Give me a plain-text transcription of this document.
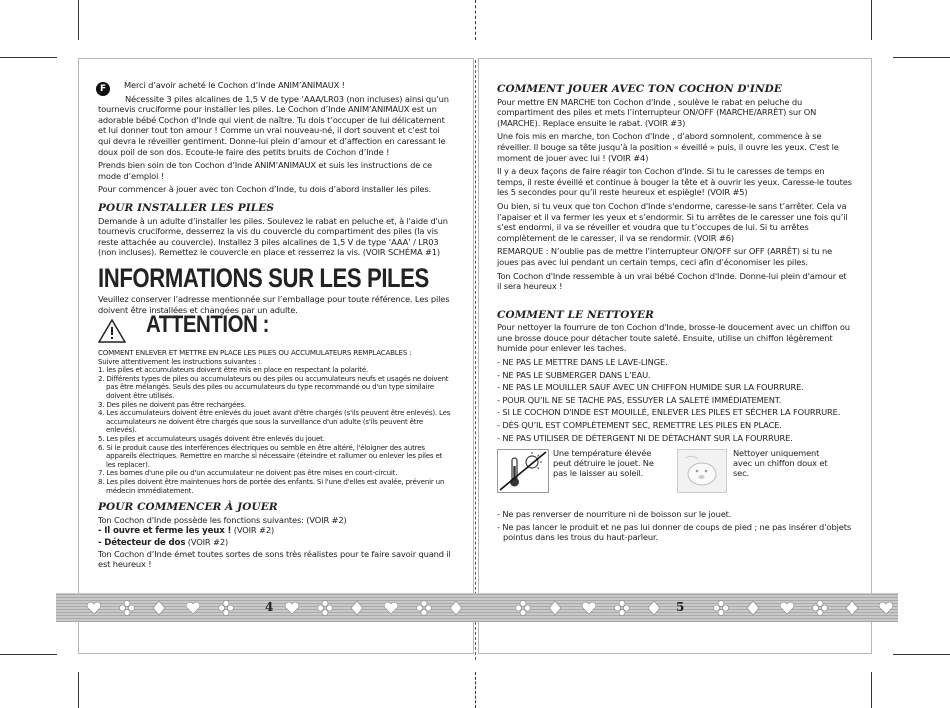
F	Merci d’avoir acheté le Cochon d’Inde ANIM’ANIMAUX !

Nécessite 3 piles alcalines de 1,5 V de type ‘AAA/LR03 (non incluses) ainsi qu’un tournevis cruciforme pour installer les piles. Le Cochon d’Inde ANIM’ANIMAUX est un adorable bébé Cochon d’Inde qui vient de naître. Tu dois t’occuper de lui délicatement et lui donner tout ton amour ! Comme un vrai nouveau-né, il dort souvent et c’est toi qui devra le réveiller gentiment. Donne-lui plein d’amour et d’affection en caressant le doux poil de son dos. Ecoute-le faire des petits bruits de Cochon d’Inde !

Prends bien soin de ton Cochon d’Inde ANIM’ANIMAUX et suis les instructions de ce mode d’emploi !

Pour commencer à jouer avec ton Cochon d’Inde, tu dois d’abord installer les piles.

POUR INSTALLER LES PILES

Demande à un adulte d’installer les piles. Soulevez le rabat en peluche et, à l'aide d'un tournevis cruciforme, desserrez la vis du couvercle du compartiment des piles (la vis reste attachée au couvercle). Installez 3 piles alcalines de 1,5 V de type ‘AAA’ / LR03 (non incluses). Remettez le couvercle en place et resserrez la vis. (VOIR SCHÉMA #1)

INFORMATIONS SUR LES PILES

Veuillez conserver l’adresse mentionnée sur l’emballage pour toute référence. Les piles doivent être installées et changées par un adulte.

ATTENTION :
COMMENT ENLEVER ET METTRE EN PLACE LES PILES OU ACCUMULATEURS REMPLACABLES :
Suivre attentivement les instructions suivantes :
1. les piles et accumulateurs doivent être mis en place en respectant la polarité.
2. Différents types de piles ou accumulateurs ou des piles ou accumulateurs neufs et usagés ne doivent pas être mélangés. Seuls des piles ou accumulateurs du type recommandé ou d'un type similaire doivent être utilisés.
3. Des piles ne doivent pas être rechargées.
4. Les accumulateurs doivent être enlevés du jouet avant d'être chargés (s'ils peuvent être enlevés). Les accumulateurs ne doivent être chargés que sous la surveillance d'un adulte (s'ils peuvent être enlevés).
5. Les piles et accumulateurs usagés doivent être enlevés du jouet.
6. Si le produit cause des interférences électriques ou semble en être altéré, l'éloigner des autres appareils électriques. Remettre en marche si nécessaire (éteindre et rallumer ou enlever les piles et les replacer).
7. Les bornes d'une pile ou d'un accumulateur ne doivent pas être mises en court-circuit.
8. Les piles doivent être maintenues hors de portée des enfants. Si l'une d'elles est avalée, prévenir un médecin immédiatement.
POUR COMMENCER À JOUER
Ton Cochon d'Inde possède les fonctions suivantes: (VOIR #2)
- Il ouvre et ferme les yeux ! (VOIR #2)
- Détecteur de dos (VOIR #2)
Ton Cochon d’Inde émet toutes sortes de sons très réalistes pour te faire savoir quand il est heureux !
COMMENT JOUER AVEC TON COCHON D'INDE

Pour mettre EN MARCHE ton Cochon d'Inde , soulève le rabat en peluche du compartiment des piles et mets l’interrupteur ON/OFF (MARCHE/ARRÊT) sur ON (MARCHE). Replace ensuite le rabat. (VOIR #3)

Une fois mis en marche, ton Cochon d'Inde , d’abord somnolent, commence à se réveiller. Il bouge sa tête jusqu’à la position « éveillé » puis, il ouvre les yeux. C'est le moment de jouer avec lui ! (VOIR #4)

Il y a deux façons de faire réagir ton Cochon d'Inde. Si tu le caresses de temps en temps, il reste éveillé et continue à bouger la tête et à ouvrir les yeux. Caresse-le toutes les 5 secondes pour qu’il reste heureux et espiègle! (VOIR #5)

Ou bien, si tu veux que ton Cochon d'Inde s'endorme, caresse-le sans t’arrêter. Cela va l’apaiser et il va fermer les yeux et s’endormir. Si tu arrêtes de le caresser une fois qu’il s’est endormi, il va se réveiller et voudra que tu t’occupes de lui. Si tu arrêtes complètement de le caresser, il va se rendormir. (VOIR #6)

REMARQUE : N’oublie pas de mettre l’interrupteur ON/OFF sur OFF (ARRÊT) si tu ne joues pas avec lui pendant un certain temps, ceci afin d’économiser les piles.

Ton Cochon d'Inde ressemble à un vrai bébé Cochon d'Inde. Donne-lui plein d'amour et il sera heureux !

COMMENT LE NETTOYER

Pour nettoyer la fourrure de ton Cochon d'Inde, brosse-le doucement avec un chiffon ou une brosse douce pour détacher toute saleté. Ensuite, utilise un chiffon légèrement humide pour enlever les taches.

- NE PAS LE METTRE DANS LE LAVE-LINGE.
- NE PAS LE SUBMERGER DANS L’EAU.
- NE PAS LE MOUILLER SAUF AVEC UN CHIFFON HUMIDE SUR LA FOURRURE.
- POUR QU’IL NE SE TACHE PAS, ESSUYER LA SALETÉ IMMÉDIATEMENT.
- SI LE COCHON D'INDE EST MOUILLÉ, ENLEVER LES PILES ET SÉCHER LA FOURRURE.
- DÈS QU’IL EST COMPLÈTEMENT SEC, REMETTRE LES PILES EN PLACE.
- NE PAS UTILISER DE DÉTERGENT NI DE DÉTACHANT SUR LA FOURRURE.
Une température élevée peut détruire le jouet. Ne pas le laisser au soleil.
Nettoyer uniquement avec un chiffon doux et sec.
- Ne pas renverser de nourriture ni de boisson sur le jouet.
- Ne pas lancer le produit et ne pas lui donner de coups de pied ; ne pas insérer d’objets pointus dans les trous du haut-parleur.
4	5
